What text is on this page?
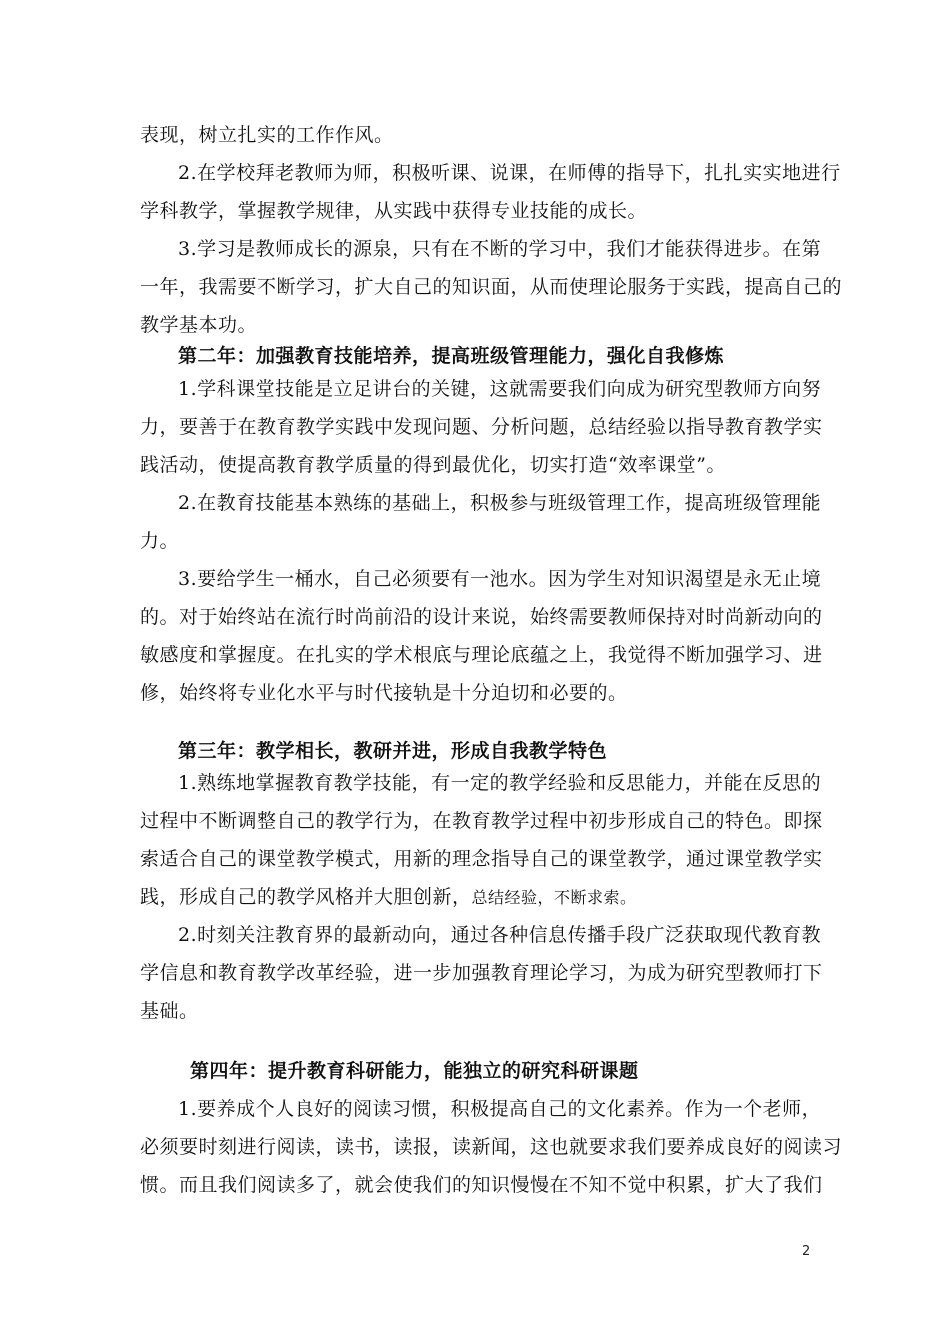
表现，树立扎实的工作作风。
2.在学校拜老教师为师，积极听课、说课，在师傅的指导下，扎扎实实地进行
学科教学，掌握教学规律，从实践中获得专业技能的成长。
3.学习是教师成长的源泉，只有在不断的学习中，我们才能获得进步。在第
一年，我需要不断学习，扩大自己的知识面，从而使理论服务于实践，提高自己的
教学基本功。
第二年：加强教育技能培养，提高班级管理能力，强化自我修炼
1.学科课堂技能是立足讲台的关键，这就需要我们向成为研究型教师方向努
力，要善于在教育教学实践中发现问题、分析问题，总结经验以指导教育教学实
践活动，使提高教育教学质量的得到最优化，切实打造“效率课堂”。
2.在教育技能基本熟练的基础上，积极参与班级管理工作，提高班级管理能
力。
3.要给学生一桶水，自己必须要有一池水。因为学生对知识渴望是永无止境
的。对于始终站在流行时尚前沿的设计来说，始终需要教师保持对时尚新动向的
敏感度和掌握度。在扎实的学术根底与理论底蕴之上，我觉得不断加强学习、进
修，始终将专业化水平与时代接轨是十分迫切和必要的。
第三年：教学相长，教研并进，形成自我教学特色
1.熟练地掌握教育教学技能，有一定的教学经验和反思能力，并能在反思的
过程中不断调整自己的教学行为，在教育教学过程中初步形成自己的特色。即探
索适合自己的课堂教学模式，用新的理念指导自己的课堂教学，通过课堂教学实
践，形成自己的教学风格并大胆创新，总结经验，不断求索。
2.时刻关注教育界的最新动向，通过各种信息传播手段广泛获取现代教育教
学信息和教育教学改革经验，进一步加强教育理论学习，为成为研究型教师打下
基础。
第四年：提升教育科研能力，能独立的研究科研课题
1.要养成个人良好的阅读习惯，积极提高自己的文化素养。作为一个老师，
必须要时刻进行阅读，读书，读报，读新闻，这也就要求我们要养成良好的阅读习
惯。而且我们阅读多了，就会使我们的知识慢慢在不知不觉中积累，扩大了我们
2
